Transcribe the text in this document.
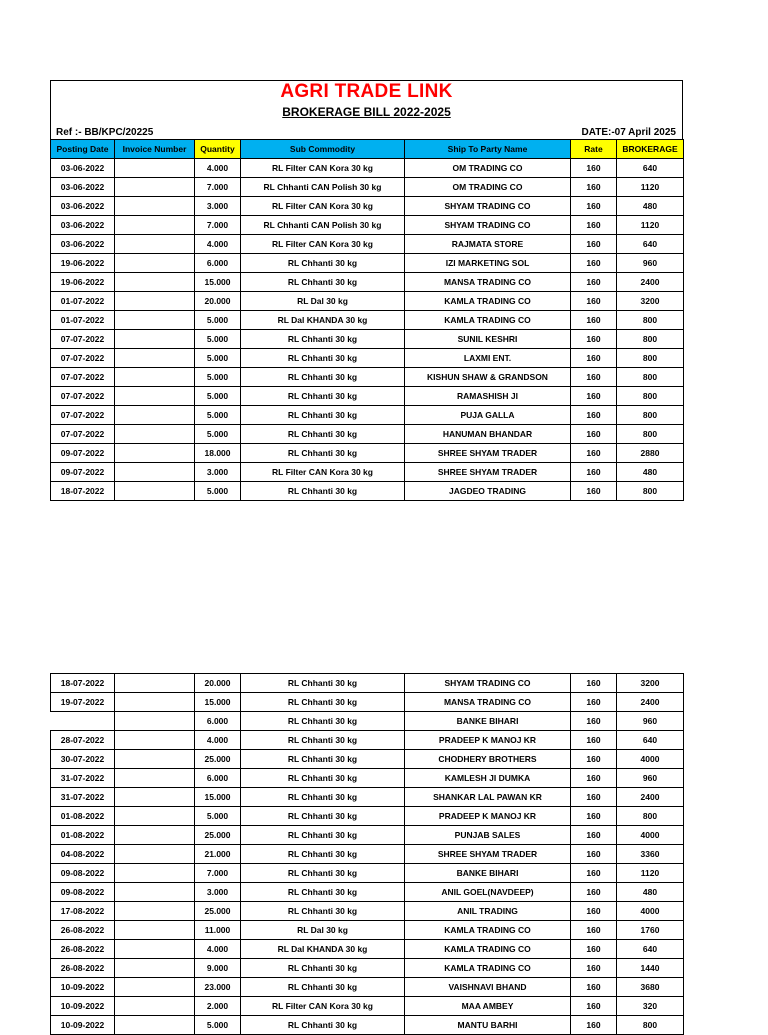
AGRI TRADE LINK
BROKERAGE BILL 2022-2025
Ref :- BB/KPC/20225	DATE:-07 April 2025
Posting Date	Invoice Number	Quantity	Sub Commodity	Ship To Party Name	Rate	BROKERAGE
03-06-2022		4.000	RL Filter CAN Kora 30 kg	OM TRADING CO	160	640
03-06-2022		7.000	RL Chhanti CAN Polish 30 kg	OM TRADING CO	160	1120
03-06-2022		3.000	RL Filter CAN Kora 30 kg	SHYAM TRADING CO	160	480
03-06-2022		7.000	RL Chhanti CAN Polish 30 kg	SHYAM TRADING CO	160	1120
03-06-2022		4.000	RL Filter CAN Kora 30 kg	RAJMATA STORE	160	640
19-06-2022		6.000	RL Chhanti 30 kg	IZI MARKETING SOL	160	960
19-06-2022		15.000	RL Chhanti 30 kg	MANSA TRADING CO	160	2400
01-07-2022		20.000	RL Dal 30 kg	KAMLA TRADING CO	160	3200
01-07-2022		5.000	RL Dal KHANDA 30 kg	KAMLA TRADING CO	160	800
07-07-2022		5.000	RL Chhanti 30 kg	SUNIL KESHRI	160	800
07-07-2022		5.000	RL Chhanti 30 kg	LAXMI ENT.	160	800
07-07-2022		5.000	RL Chhanti 30 kg	KISHUN SHAW & GRANDSON	160	800
07-07-2022		5.000	RL Chhanti 30 kg	RAMASHISH JI	160	800
07-07-2022		5.000	RL Chhanti 30 kg	PUJA GALLA	160	800
07-07-2022		5.000	RL Chhanti 30 kg	HANUMAN BHANDAR	160	800
09-07-2022		18.000	RL Chhanti 30 kg	SHREE SHYAM TRADER	160	2880
09-07-2022		3.000	RL Filter CAN Kora 30 kg	SHREE SHYAM TRADER	160	480
18-07-2022		5.000	RL Chhanti 30 kg	JAGDEO TRADING	160	800
18-07-2022		20.000	RL Chhanti 30 kg	SHYAM TRADING CO	160	3200
19-07-2022		15.000	RL Chhanti 30 kg	MANSA TRADING CO	160	2400
		6.000	RL Chhanti 30 kg	BANKE BIHARI	160	960
28-07-2022		4.000	RL Chhanti 30 kg	PRADEEP K MANOJ KR	160	640
30-07-2022		25.000	RL Chhanti 30 kg	CHODHERY BROTHERS	160	4000
31-07-2022		6.000	RL Chhanti 30 kg	KAMLESH JI DUMKA	160	960
31-07-2022		15.000	RL Chhanti 30 kg	SHANKAR LAL PAWAN KR	160	2400
01-08-2022		5.000	RL Chhanti 30 kg	PRADEEP K MANOJ KR	160	800
01-08-2022		25.000	RL Chhanti 30 kg	PUNJAB SALES	160	4000
04-08-2022		21.000	RL Chhanti 30 kg	SHREE SHYAM TRADER	160	3360
09-08-2022		7.000	RL Chhanti 30 kg	BANKE BIHARI	160	1120
09-08-2022		3.000	RL Chhanti 30 kg	ANIL GOEL(NAVDEEP)	160	480
17-08-2022		25.000	RL Chhanti 30 kg	ANIL TRADING	160	4000
26-08-2022		11.000	RL Dal 30 kg	KAMLA TRADING CO	160	1760
26-08-2022		4.000	RL Dal KHANDA 30 kg	KAMLA TRADING CO	160	640
26-08-2022		9.000	RL Chhanti 30 kg	KAMLA TRADING CO	160	1440
10-09-2022		23.000	RL Chhanti 30 kg	VAISHNAVI BHAND	160	3680
10-09-2022		2.000	RL Filter CAN Kora 30 kg	MAA AMBEY	160	320
10-09-2022		5.000	RL Chhanti 30 kg	MANTU BARHI	160	800
